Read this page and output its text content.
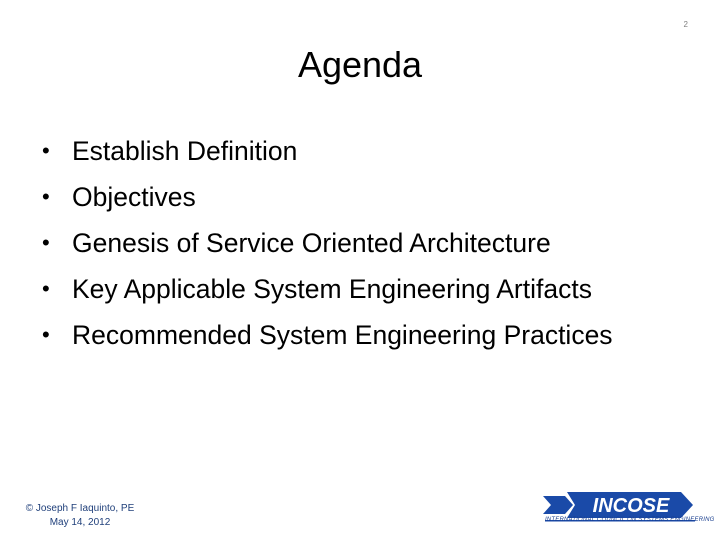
2
Agenda
• Establish Definition
• Objectives
• Genesis of Service Oriented Architecture
• Key Applicable System Engineering Artifacts
• Recommended System Engineering Practices
© Joseph F Iaquinto, PE
May 14, 2012
INCOSE
INTERNATIONAL COUNCIL ON SYSTEMS ENGINEERING
